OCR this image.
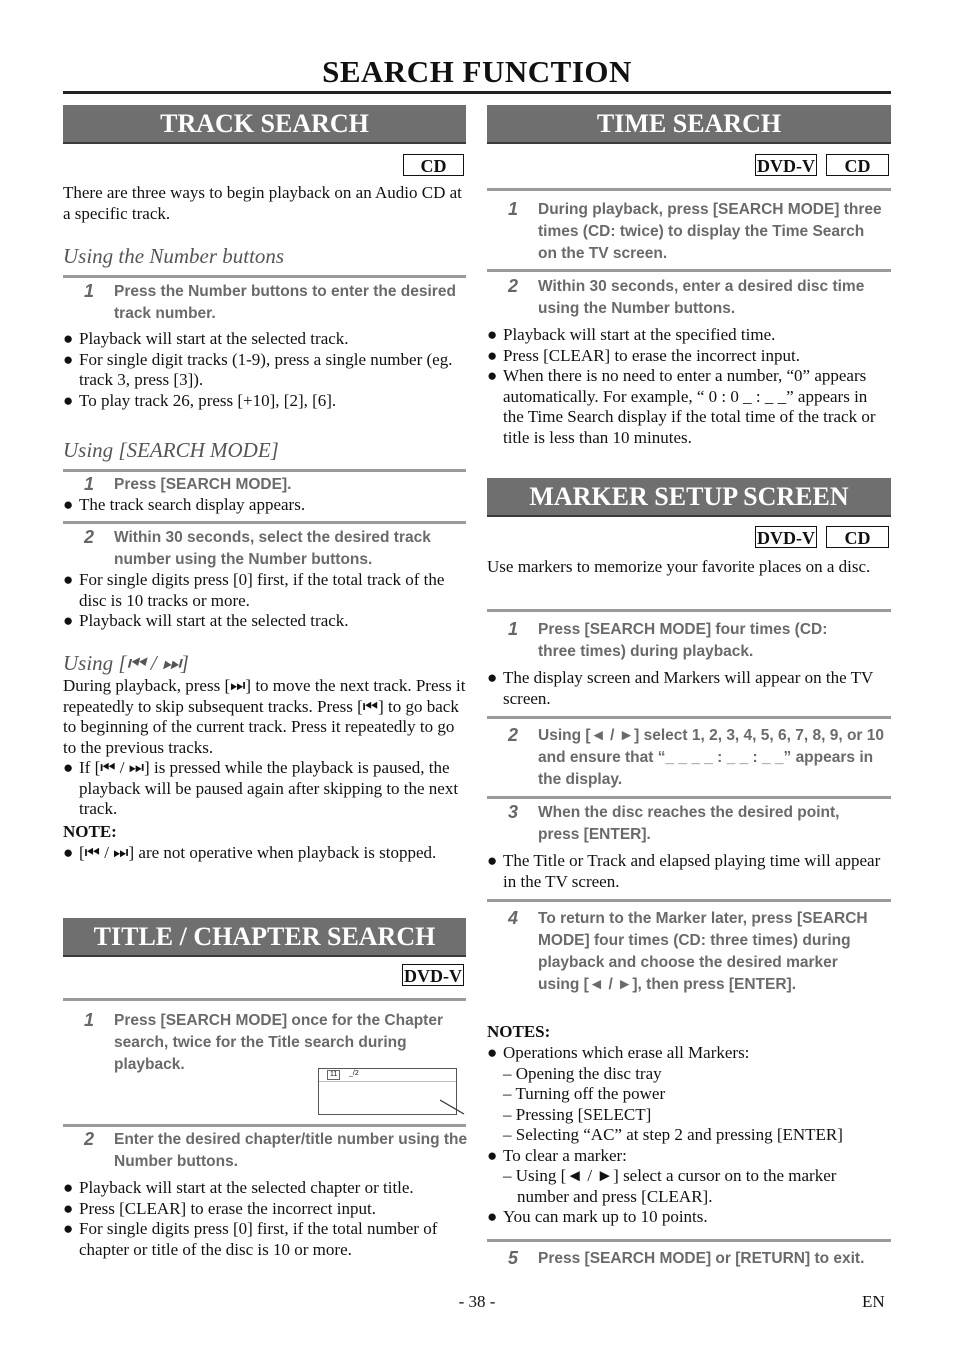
SEARCH FUNCTION
TRACK SEARCH
CD
There are three ways to begin playback on an Audio CD at a specific track.
Using the Number buttons
1 Press the Number buttons to enter the desired track number.
● Playback will start at the selected track.
● For single digit tracks (1-9), press a single number (eg. track 3, press [3]).
● To play track 26, press [+10], [2], [6].
Using [SEARCH MODE]
1 Press [SEARCH MODE].
● The track search display appears.
2 Within 30 seconds, select the desired track number using the Number buttons.
● For single digits press [0] first, if the total track of the disc is 10 tracks or more.
● Playback will start at the selected track.
Using [⏮ / ⏭]
During playback, press [⏭] to move the next track. Press it repeatedly to skip subsequent tracks. Press [⏮] to go back to beginning of the current track. Press it repeatedly to go to the previous tracks.
● If [⏮ / ⏭] is pressed while the playback is paused, the playback will be paused again after skipping to the next track.
NOTE:
● [⏮ / ⏭] are not operative when playback is stopped.
TITLE / CHAPTER SEARCH
DVD-V
1 Press [SEARCH MODE] once for the Chapter search, twice for the Title search during playback.
11	_/2
2 Enter the desired chapter/title number using the Number buttons.
● Playback will start at the selected chapter or title.
● Press [CLEAR] to erase the incorrect input.
● For single digits press [0] first, if the total number of chapter or title of the disc is 10 or more.
TIME SEARCH
DVD-V	CD
1 During playback, press [SEARCH MODE] three times (CD: twice) to display the Time Search on the TV screen.
2 Within 30 seconds, enter a desired disc time using the Number buttons.
● Playback will start at the specified time.
● Press [CLEAR] to erase the incorrect input.
● When there is no need to enter a number, “0” appears automatically. For example, “ 0 : 0 _ : _ _” appears in the Time Search display if the total time of the track or title is less than 10 minutes.
MARKER SETUP SCREEN
DVD-V	CD
Use markers to memorize your favorite places on a disc.
1 Press [SEARCH MODE] four times (CD: three times) during playback.
● The display screen and Markers will appear on the TV screen.
2 Using [◄ / ►] select 1, 2, 3, 4, 5, 6, 7, 8, 9, or 10 and ensure that “_ _ _ _ : _ _ : _ _” appears in the display.
3 When the disc reaches the desired point, press [ENTER].
● The Title or Track and elapsed playing time will appear in the TV screen.
4 To return to the Marker later, press [SEARCH MODE] four times (CD: three times) during playback and choose the desired marker using [◄ / ►], then press [ENTER].
NOTES:
● Operations which erase all Markers:
– Opening the disc tray
– Turning off the power
– Pressing [SELECT]
– Selecting “AC” at step 2 and pressing [ENTER]
● To clear a marker:
– Using [◄ / ►] select a cursor on to the marker number and press [CLEAR].
● You can mark up to 10 points.
5 Press [SEARCH MODE] or [RETURN] to exit.
- 38 -	EN
